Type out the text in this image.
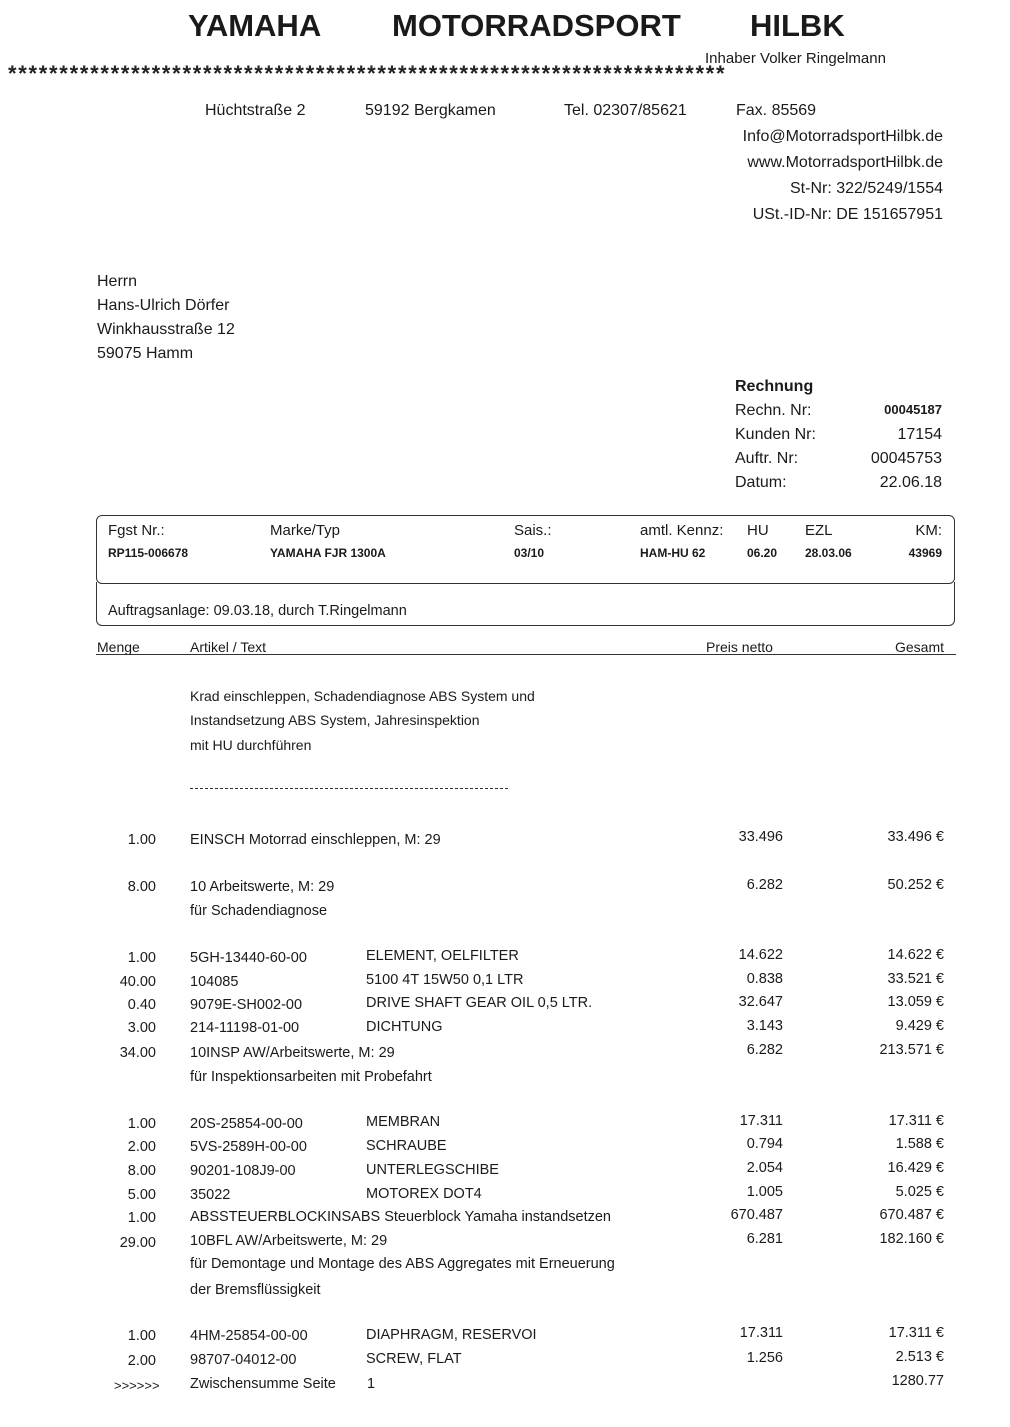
YAMAHA MOTORRADSPORT HILBK
Inhaber Volker Ringelmann
**********************************************************************
Hüchtstraße 2	59192 Bergkamen	Tel. 02307/85621	Fax. 85569
Info@MotorradsportHilbk.de
www.MotorradsportHilbk.de
St-Nr: 322/5249/1554
USt.-ID-Nr: DE 151657951
Herrn
Hans-Ulrich Dörfer
Winkhausstraße 12
59075 Hamm
Rechnung
Rechn. Nr:	00045187
Kunden Nr:	17154
Auftr. Nr:	00045753
Datum:	22.06.18
Fgst Nr.:	Marke/Typ	Sais.:	amtl. Kennz: HU EZL	KM:
RP115-006678	YAMAHA FJR 1300A	03/10	HAM-HU 62	06.20 28.03.06	43969
Auftragsanlage: 09.03.18, durch T.Ringelmann
Menge	Artikel / Text	Preis netto	Gesamt
Krad einschleppen, Schadendiagnose ABS System und
Instandsetzung ABS System, Jahresinspektion
mit HU durchführen
1.00 EINSCH Motorrad einschleppen, M: 29	33.496	33.496 €
8.00 10 Arbeitswerte, M: 29	6.282	50.252 €
für Schadendiagnose
1.00 5GH-13440-60-00	ELEMENT, OELFILTER	14.622	14.622 €
40.00 104085	5100 4T 15W50 0,1 LTR	0.838	33.521 €
0.40 9079E-SH002-00	DRIVE SHAFT GEAR OIL 0,5 LTR.	32.647	13.059 €
3.00 214-11198-01-00	DICHTUNG	3.143	9.429 €
34.00 10INSP AW/Arbeitswerte, M: 29	6.282	213.571 €
für Inspektionsarbeiten mit Probefahrt
1.00 20S-25854-00-00	MEMBRAN	17.311	17.311 €
2.00 5VS-2589H-00-00	SCHRAUBE	0.794	1.588 €
8.00 90201-108J9-00	UNTERLEGSCHIBE	2.054	16.429 €
5.00 35022	MOTOREX DOT4	1.005	5.025 €
1.00 ABSSTEUERBLOCKINSABS Steuerblock Yamaha instandsetzen	670.487	670.487 €
29.00 10BFL AW/Arbeitswerte, M: 29	6.281	182.160 €
für Demontage und Montage des ABS Aggregates mit Erneuerung
der Bremsflüssigkeit
1.00 4HM-25854-00-00	DIAPHRAGM, RESERVOI	17.311	17.311 €
2.00 98707-04012-00	SCREW, FLAT	1.256	2.513 €
>>>>>> Zwischensumme Seite 1	1280.77
